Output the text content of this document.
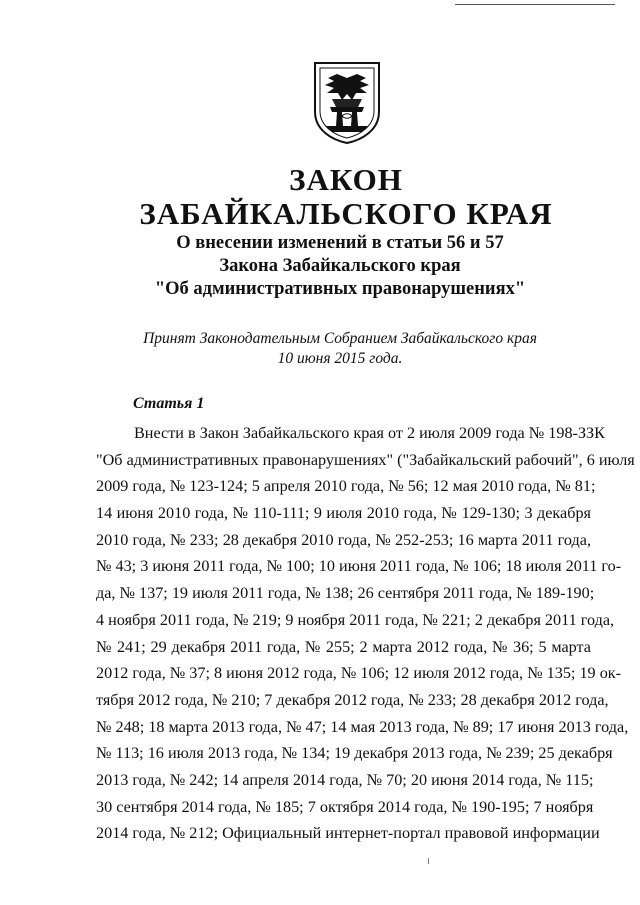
ЗАКОН
ЗАБАЙКАЛЬСКОГО КРАЯ
О внесении изменений в статьи 56 и 57
Закона Забайкальского края
"Об административных правонарушениях"
Принят Законодательным Собранием Забайкальского края
10 июня 2015 года.
Статья 1
Внести в Закон Забайкальского края от 2 июля 2009 года № 198-ЗЗК
"Об административных правонарушениях" ("Забайкальский рабочий", 6 июля
2009 года, № 123-124; 5 апреля 2010 года, № 56; 12 мая 2010 года, № 81;
14 июня 2010 года, № 110-111; 9 июля 2010 года, № 129-130; 3 декабря
2010 года, № 233; 28 декабря 2010 года, № 252-253; 16 марта 2011 года,
№ 43; 3 июня 2011 года, № 100; 10 июня 2011 года, № 106; 18 июля 2011 го-
да, № 137; 19 июля 2011 года, № 138; 26 сентября 2011 года, № 189-190;
4 ноября 2011 года, № 219; 9 ноября 2011 года, № 221; 2 декабря 2011 года,
№ 241; 29 декабря 2011 года, № 255; 2 марта 2012 года, № 36; 5 марта
2012 года, № 37; 8 июня 2012 года, № 106; 12 июля 2012 года, № 135; 19 ок-
тября 2012 года, № 210; 7 декабря 2012 года, № 233; 28 декабря 2012 года,
№ 248; 18 марта 2013 года, № 47; 14 мая 2013 года, № 89; 17 июня 2013 года,
№ 113; 16 июля 2013 года, № 134; 19 декабря 2013 года, № 239; 25 декабря
2013 года, № 242; 14 апреля 2014 года, № 70; 20 июня 2014 года, № 115;
30 сентября 2014 года, № 185; 7 октября 2014 года, № 190-195; 7 ноября
2014 года, № 212; Официальный интернет-портал правовой информации
